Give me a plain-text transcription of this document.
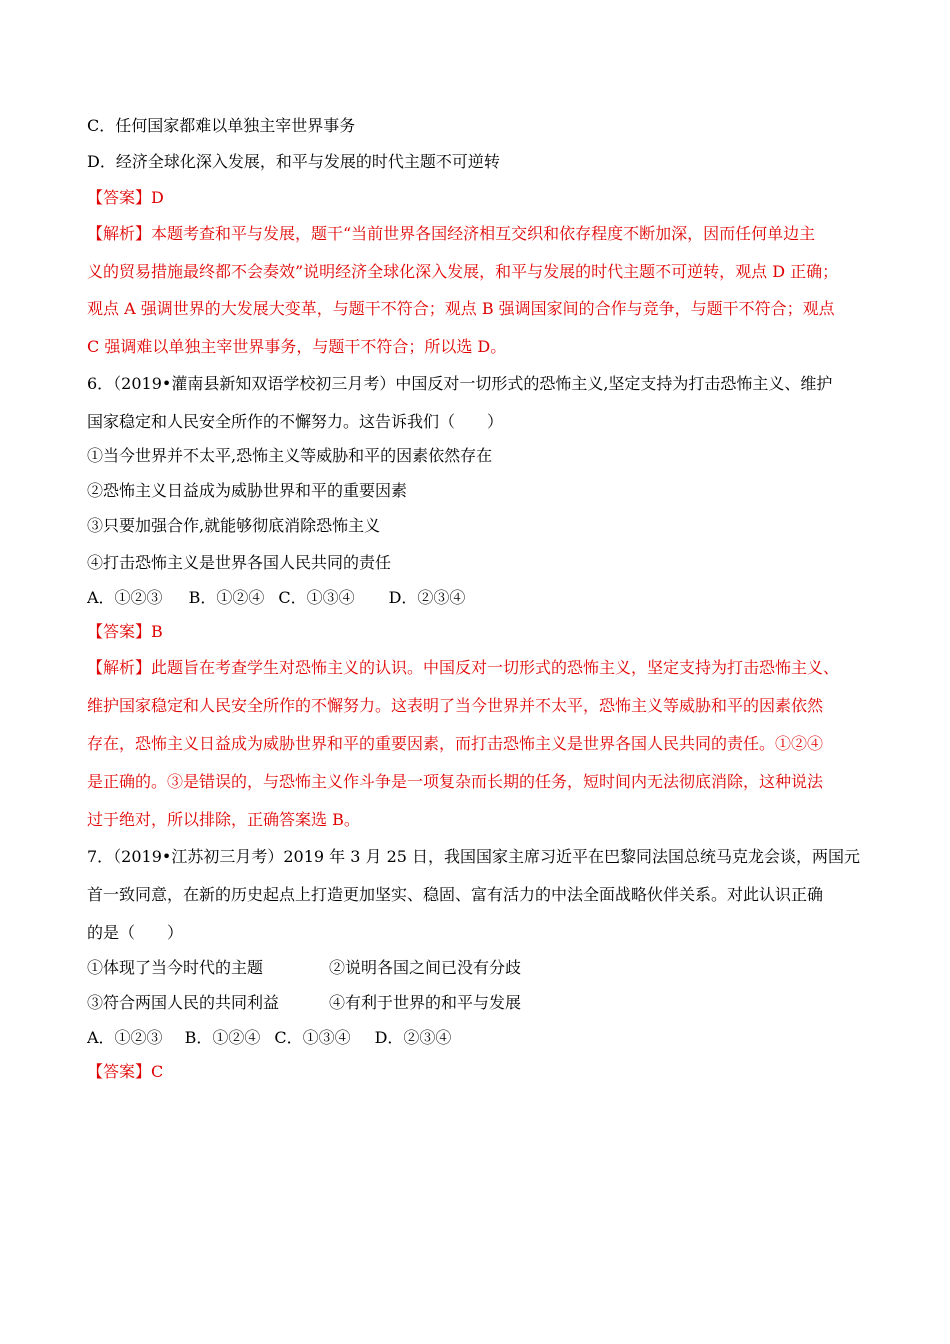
C．任何国家都难以单独主宰世界事务
D．经济全球化深入发展，和平与发展的时代主题不可逆转
【答案】D
【解析】本题考查和平与发展，题干“当前世界各国经济相互交织和依存程度不断加深，因而任何单边主
义的贸易措施最终都不会奏效”说明经济全球化深入发展，和平与发展的时代主题不可逆转，观点 D 正确；
观点 A 强调世界的大发展大变革，与题干不符合；观点 B 强调国家间的合作与竞争，与题干不符合；观点
C 强调难以单独主宰世界事务，与题干不符合；所以选 D。
6．（2019•灌南县新知双语学校初三月考）中国反对一切形式的恐怖主义,坚定支持为打击恐怖主义、维护
国家稳定和人民安全所作的不懈努力。这告诉我们（　　）
①当今世界并不太平,恐怖主义等威胁和平的因素依然存在
②恐怖主义日益成为威胁世界和平的重要因素
③只要加强合作,就能够彻底消除恐怖主义
④打击恐怖主义是世界各国人民共同的责任
A．①②③ B．①②④ C．①③④ D．②③④
【答案】B
【解析】此题旨在考查学生对恐怖主义的认识。中国反对一切形式的恐怖主义，坚定支持为打击恐怖主义、
维护国家稳定和人民安全所作的不懈努力。这表明了当今世界并不太平，恐怖主义等威胁和平的因素依然
存在，恐怖主义日益成为威胁世界和平的重要因素，而打击恐怖主义是世界各国人民共同的责任。①②④
是正确的。③是错误的，与恐怖主义作斗争是一项复杂而长期的任务，短时间内无法彻底消除，这种说法
过于绝对，所以排除，正确答案选 B。
7．（2019•江苏初三月考）2019 年 3 月 25 日，我国国家主席习近平在巴黎同法国总统马克龙会谈，两国元
首一致同意，在新的历史起点上打造更加坚实、稳固、富有活力的中法全面战略伙伴关系。对此认识正确
的是（　　）
①体现了当今时代的主题	②说明各国之间已没有分歧
③符合两国人民的共同利益	④有利于世界的和平与发展
A．①②③ B．①②④ C．①③④ D．②③④
【答案】C
